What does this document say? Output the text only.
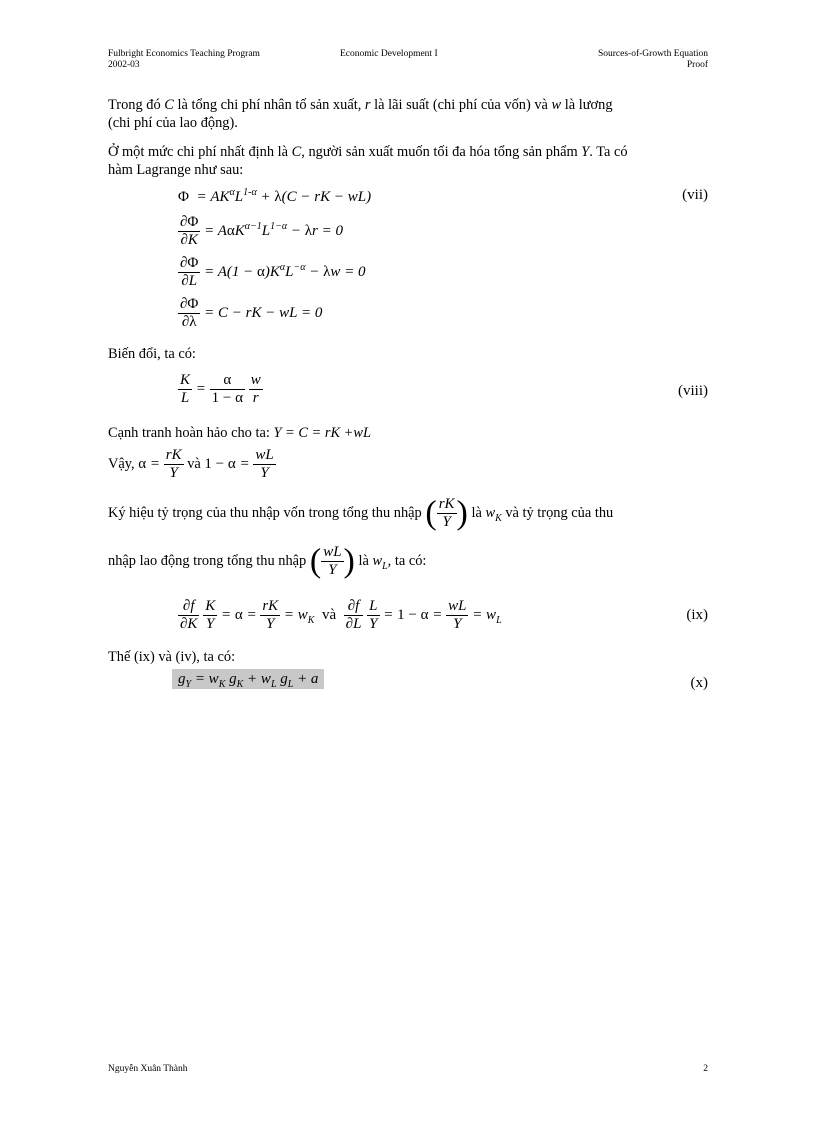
Fulbright Economics Teaching Program
2002-03
Economic Development I	Sources-of-Growth Equation
Proof
Trong đó C là tổng chi phí nhân tố sản xuất, r là lãi suất (chi phí của vốn) và w là lương
(chi phí của lao động).
Ở một mức chi phí nhất định là C, người sản xuất muốn tối đa hóa tổng sản phẩm Y. Ta có
hàm Lagrange như sau:
$\Phi = AK^\alpha L^{1-\alpha} + \lambda(C$ − rK − wL)	(vii)
$\frac{\partial\Phi}{\partial K} = A\alpha K^{\alpha-1}L^{1-\alpha} - \lambda r = 0$
$\frac{\partial\Phi}{\partial L} = A(1 - \alpha)K^\alpha L^{-\alpha} - \lambda w = 0$
$\frac{\partial\Phi}{\partial\lambda} = C$ − rK − wL = 0
Biến đổi, ta có:
$\frac{K}{L} = \frac{\alpha}{1 - \alpha}$
$\frac{w}{r}$	(viii)
Cạnh tranh hoàn hảo cho ta: Y = C = rK +wL
Vậy, $\alpha = \frac{rK}{Y}$ và $1 - \alpha = \frac{wL}{Y}$
Ký hiệu tỷ trọng của thu nhập vốn trong tổng thu nhập ( $\frac{rK}{Y}$ ) là $w_K$ và tỷ trọng của thu
nhập lao động trong tổng thu nhập ( $\frac{wL}{Y}$ ) là $w_L$, ta có:
$\frac{\partial f}{\partial K}$
$\frac{K}{Y} = \alpha = \frac{rK}{Y} = w_K$ và $\frac{\partial f}{\partial L}$
$\frac{L}{Y} = 1 - \alpha = \frac{wL}{Y} = w_L$	(ix)
Thế (ix) và (iv), ta có:
$g_Y = w_K$ $g_K + w_L$ $g_L + a$	(x)
Nguyễn Xuân Thành	2
